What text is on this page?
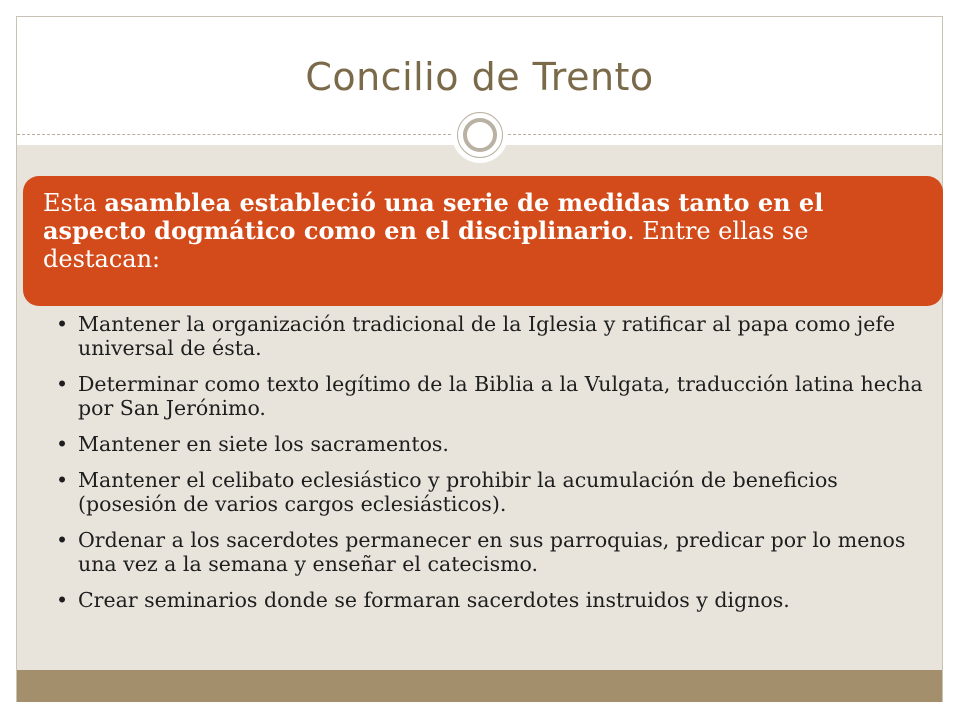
Concilio de Trento
Esta asamblea estableció una serie de medidas tanto en el aspecto dogmático como en el disciplinario. Entre ellas se destacan:
• Mantener la organización tradicional de la Iglesia y ratificar al papa como jefe universal de ésta.
• Determinar como texto legítimo de la Biblia a la Vulgata, traducción latina hecha por San Jerónimo.
• Mantener en siete los sacramentos.
• Mantener el celibato eclesiástico y prohibir la acumulación de beneficios (posesión de varios cargos eclesiásticos).
• Ordenar a los sacerdotes permanecer en sus parroquias, predicar por lo menos una vez a la semana y enseñar el catecismo.
• Crear seminarios donde se formaran sacerdotes instruidos y dignos.
